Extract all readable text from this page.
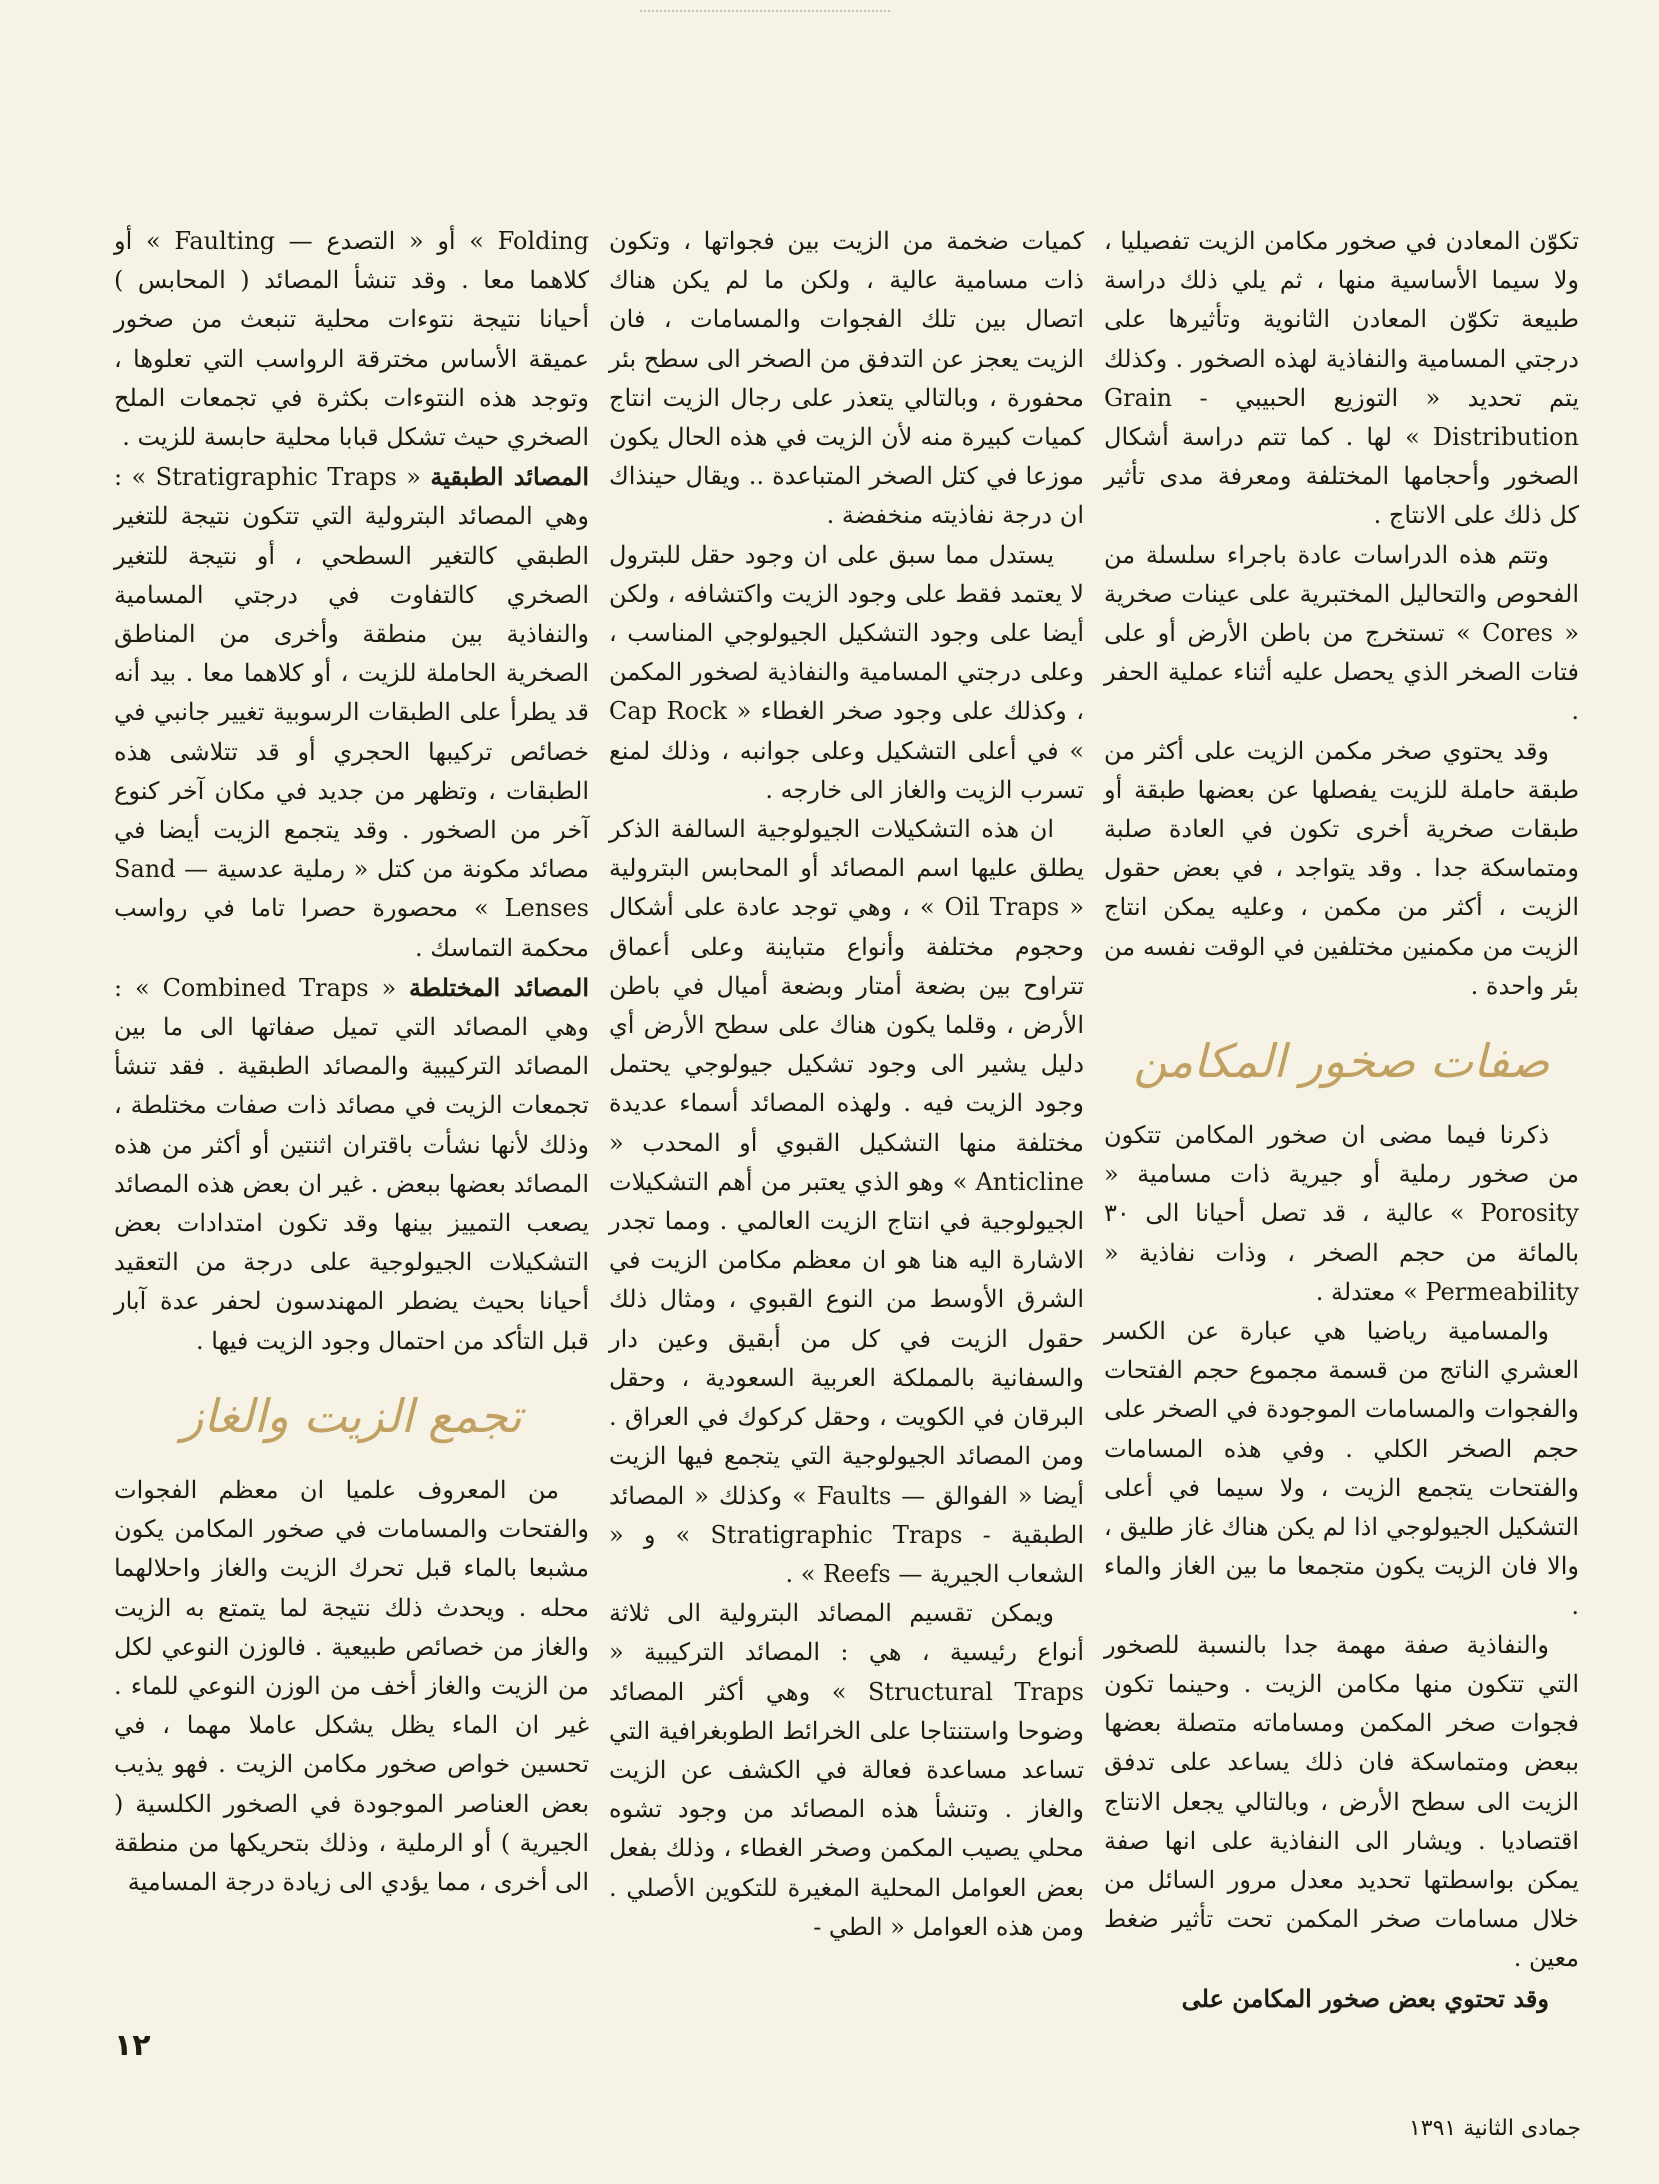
تكوّن المعادن في صخور مكامن الزيت تفصيليا ، ولا سيما الأساسية منها ، ثم يلي ذلك دراسة طبيعة تكوّن المعادن الثانوية وتأثيرها على درجتي المسامية والنفاذية لهذه الصخور . وكذلك يتم تحديد « التوزيع الحبيبي - Grain Distribution » لها . كما تتم دراسة أشكال الصخور وأحجامها المختلفة ومعرفة مدى تأثير كل ذلك على الانتاج .

وتتم هذه الدراسات عادة باجراء سلسلة من الفحوص والتحاليل المختبرية على عينات صخرية « Cores » تستخرج من باطن الأرض أو على فتات الصخر الذي يحصل عليه أثناء عملية الحفر .

وقد يحتوي صخر مكمن الزيت على أكثر من طبقة حاملة للزيت يفصلها عن بعضها طبقة أو طبقات صخرية أخرى تكون في العادة صلبة ومتماسكة جدا . وقد يتواجد ، في بعض حقول الزيت ، أكثر من مكمن ، وعليه يمكن انتاج الزيت من مكمنين مختلفين في الوقت نفسه من بئر واحدة .

صفات صخور المكامن

ذكرنا فيما مضى ان صخور المكامن تتكون من صخور رملية أو جيرية ذات مسامية « Porosity » عالية ، قد تصل أحيانا الى ٣٠ بالمائة من حجم الصخر ، وذات نفاذية « Permeability » معتدلة .

والمسامية رياضيا هي عبارة عن الكسر العشري الناتج من قسمة مجموع حجم الفتحات والفجوات والمسامات الموجودة في الصخر على حجم الصخر الكلي . وفي هذه المسامات والفتحات يتجمع الزيت ، ولا سيما في أعلى التشكيل الجيولوجي اذا لم يكن هناك غاز طليق ، والا فان الزيت يكون متجمعا ما بين الغاز والماء .

والنفاذية صفة مهمة جدا بالنسبة للصخور التي تتكون منها مكامن الزيت . وحينما تكون فجوات صخر المكمن ومساماته متصلة بعضها ببعض ومتماسكة فان ذلك يساعد على تدفق الزيت الى سطح الأرض ، وبالتالي يجعل الانتاج اقتصاديا . ويشار الى النفاذية على انها صفة يمكن بواسطتها تحديد معدل مرور السائل من خلال مسامات صخر المكمن تحت تأثير ضغط معين .

وقد تحتوي بعض صخور المكامن على

كميات ضخمة من الزيت بين فجواتها ، وتكون ذات مسامية عالية ، ولكن ما لم يكن هناك اتصال بين تلك الفجوات والمسامات ، فان الزيت يعجز عن التدفق من الصخر الى سطح بئر محفورة ، وبالتالي يتعذر على رجال الزيت انتاج كميات كبيرة منه لأن الزيت في هذه الحال يكون موزعا في كتل الصخر المتباعدة .. ويقال حينذاك ان درجة نفاذيته منخفضة .

يستدل مما سبق على ان وجود حقل للبترول لا يعتمد فقط على وجود الزيت واكتشافه ، ولكن أيضا على وجود التشكيل الجيولوجي المناسب ، وعلى درجتي المسامية والنفاذية لصخور المكمن ، وكذلك على وجود صخر الغطاء « Cap Rock » في أعلى التشكيل وعلى جوانبه ، وذلك لمنع تسرب الزيت والغاز الى خارجه .

ان هذه التشكيلات الجيولوجية السالفة الذكر يطلق عليها اسم المصائد أو المحابس البترولية « Oil Traps » ، وهي توجد عادة على أشكال وحجوم مختلفة وأنواع متباينة وعلى أعماق تتراوح بين بضعة أمتار وبضعة أميال في باطن الأرض ، وقلما يكون هناك على سطح الأرض أي دليل يشير الى وجود تشكيل جيولوجي يحتمل وجود الزيت فيه . ولهذه المصائد أسماء عديدة مختلفة منها التشكيل القبوي أو المحدب « Anticline » وهو الذي يعتبر من أهم التشكيلات الجيولوجية في انتاج الزيت العالمي . ومما تجدر الاشارة اليه هنا هو ان معظم مكامن الزيت في الشرق الأوسط من النوع القبوي ، ومثال ذلك حقول الزيت في كل من أبقيق وعين دار والسفانية بالمملكة العربية السعودية ، وحقل البرقان في الكويت ، وحقل كركوك في العراق . ومن المصائد الجيولوجية التي يتجمع فيها الزيت أيضا « الفوالق — Faults » وكذلك « المصائد الطبقية - Stratigraphic Traps » و « الشعاب الجيرية — Reefs » .

ويمكن تقسيم المصائد البترولية الى ثلاثة أنواع رئيسية ، هي : المصائد التركيبية « Structural Traps » وهي أكثر المصائد وضوحا واستنتاجا على الخرائط الطوبغرافية التي تساعد مساعدة فعالة في الكشف عن الزيت والغاز . وتنشأ هذه المصائد من وجود تشوه محلي يصيب المكمن وصخر الغطاء ، وذلك بفعل بعض العوامل المحلية المغيرة للتكوين الأصلي . ومن هذه العوامل « الطي -

Folding » أو « التصدع — Faulting » أو كلاهما معا . وقد تنشأ المصائد ( المحابس ) أحيانا نتيجة نتوءات محلية تنبعث من صخور عميقة الأساس مخترقة الرواسب التي تعلوها ، وتوجد هذه النتوءات بكثرة في تجمعات الملح الصخري حيث تشكل قبابا محلية حابسة للزيت .

المصائد الطبقية « Stratigraphic Traps » : وهي المصائد البترولية التي تتكون نتيجة للتغير الطبقي كالتغير السطحي ، أو نتيجة للتغير الصخري كالتفاوت في درجتي المسامية والنفاذية بين منطقة وأخرى من المناطق الصخرية الحاملة للزيت ، أو كلاهما معا . بيد أنه قد يطرأ على الطبقات الرسوبية تغيير جانبي في خصائص تركيبها الحجري أو قد تتلاشى هذه الطبقات ، وتظهر من جديد في مكان آخر كنوع آخر من الصخور . وقد يتجمع الزيت أيضا في مصائد مكونة من كتل « رملية عدسية — Sand Lenses » محصورة حصرا تاما في رواسب محكمة التماسك .

المصائد المختلطة « Combined Traps » : وهي المصائد التي تميل صفاتها الى ما بين المصائد التركيبية والمصائد الطبقية . فقد تنشأ تجمعات الزيت في مصائد ذات صفات مختلطة ، وذلك لأنها نشأت باقتران اثنتين أو أكثر من هذه المصائد بعضها ببعض . غير ان بعض هذه المصائد يصعب التمييز بينها وقد تكون امتدادات بعض التشكيلات الجيولوجية على درجة من التعقيد أحيانا بحيث يضطر المهندسون لحفر عدة آبار قبل التأكد من احتمال وجود الزيت فيها .

تجمع الزيت والغاز

من المعروف علميا ان معظم الفجوات والفتحات والمسامات في صخور المكامن يكون مشبعا بالماء قبل تحرك الزيت والغاز واحلالهما محله . ويحدث ذلك نتيجة لما يتمتع به الزيت والغاز من خصائص طبيعية . فالوزن النوعي لكل من الزيت والغاز أخف من الوزن النوعي للماء . غير ان الماء يظل يشكل عاملا مهما ، في تحسين خواص صخور مكامن الزيت . فهو يذيب بعض العناصر الموجودة في الصخور الكلسية ( الجيرية ) أو الرملية ، وذلك بتحريكها من منطقة الى أخرى ، مما يؤدي الى زيادة درجة المسامية

١٢
جمادى الثانية ١٣٩١
